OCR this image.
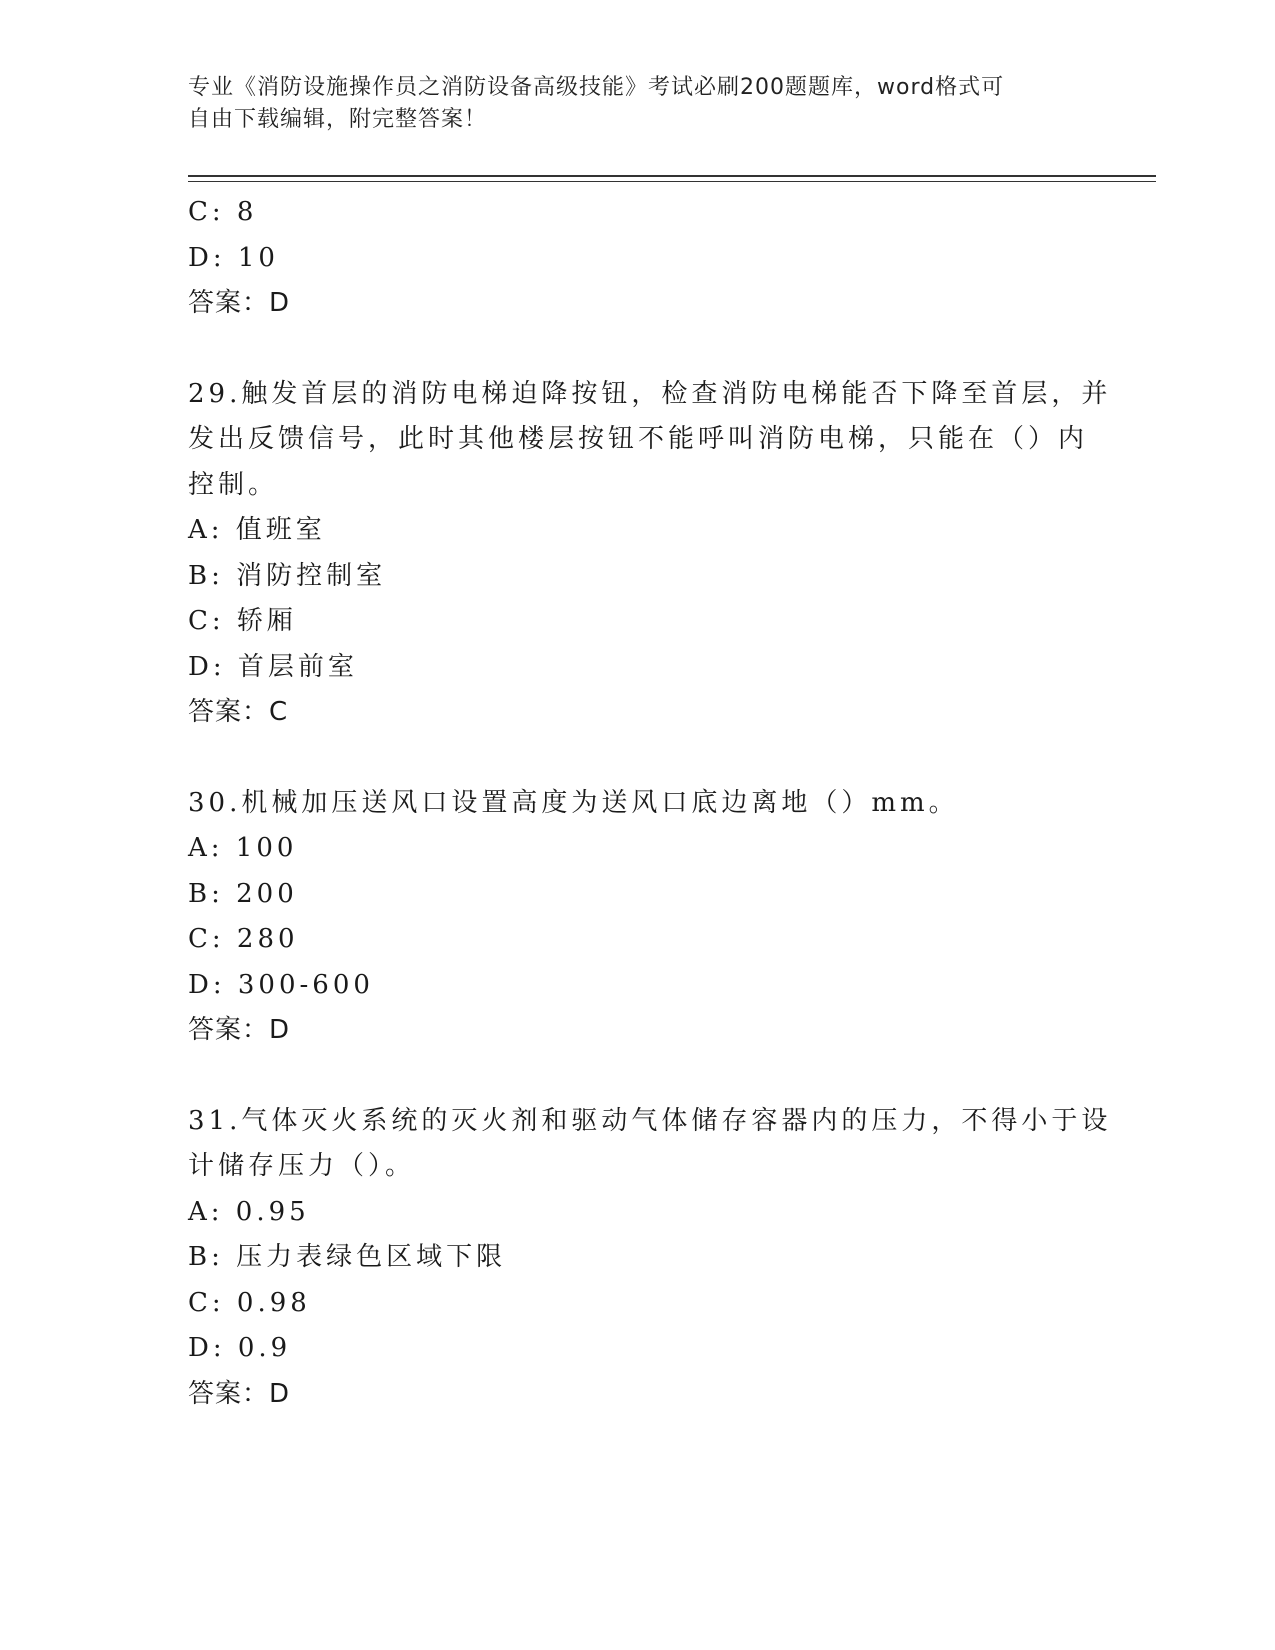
专业《消防设施操作员之消防设备高级技能》考试必刷200题题库，word格式可
自由下载编辑，附完整答案！
C: 8
D: 10
答案：D
29.触发首层的消防电梯迫降按钮，检查消防电梯能否下降至首层，并
发出反馈信号，此时其他楼层按钮不能呼叫消防电梯，只能在（）内
控制。
A: 值班室
B: 消防控制室
C: 轿厢
D: 首层前室
答案：C
30.机械加压送风口设置高度为送风口底边离地（）mm。
A: 100
B: 200
C: 280
D: 300-600
答案：D
31.气体灭火系统的灭火剂和驱动气体储存容器内的压力，不得小于设
计储存压力（）。
A: 0.95
B: 压力表绿色区域下限
C: 0.98
D: 0.9
答案：D
